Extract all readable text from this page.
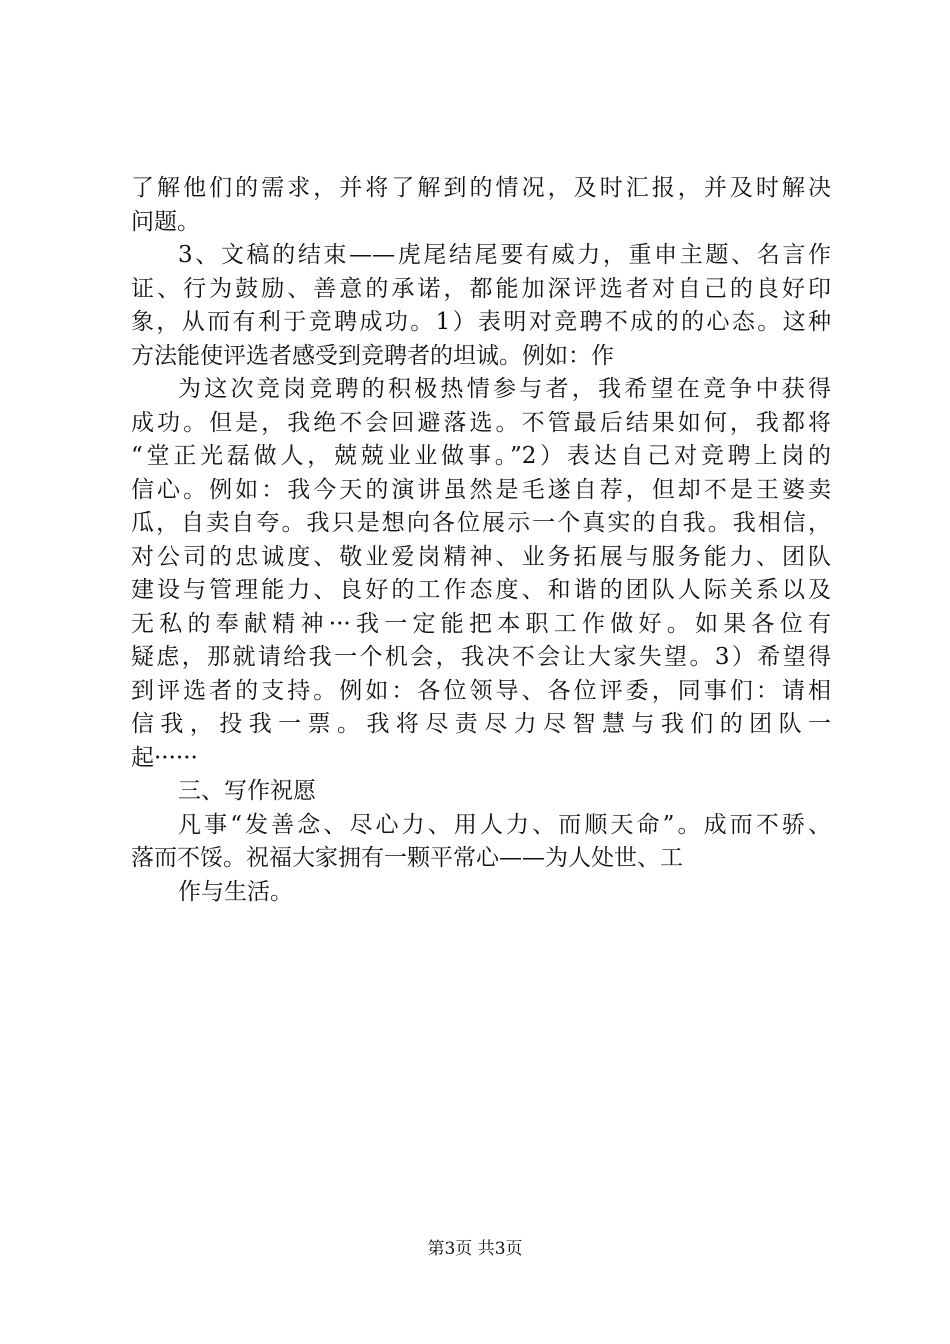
了解他们的需求，并将了解到的情况，及时汇报，并及时解决
问题。
3、文稿的结束——虎尾结尾要有威力，重申主题、名言作
证、行为鼓励、善意的承诺，都能加深评选者对自己的良好印
象，从而有利于竞聘成功。1）表明对竞聘不成的的心态。这种
方法能使评选者感受到竞聘者的坦诚。例如：作
为这次竞岗竞聘的积极热情参与者，我希望在竞争中获得
成功。但是，我绝不会回避落选。不管最后结果如何，我都将
“堂正光磊做人，兢兢业业做事。”2）表达自己对竞聘上岗的
信心。例如：我今天的演讲虽然是毛遂自荐，但却不是王婆卖
瓜，自卖自夸。我只是想向各位展示一个真实的自我。我相信，
对公司的忠诚度、敬业爱岗精神、业务拓展与服务能力、团队
建设与管理能力、良好的工作态度、和谐的团队人际关系以及
无私的奉献精神···我一定能把本职工作做好。如果各位有
疑虑，那就请给我一个机会，我决不会让大家失望。3）希望得
到评选者的支持。例如：各位领导、各位评委，同事们：请相
信我，投我一票。我将尽责尽力尽智慧与我们的团队一
起······
三、写作祝愿
凡事“发善念、尽心力、用人力、而顺天命”。成而不骄、
落而不馁。祝福大家拥有一颗平常心——为人处世、工
作与生活。
第3页 共3页
